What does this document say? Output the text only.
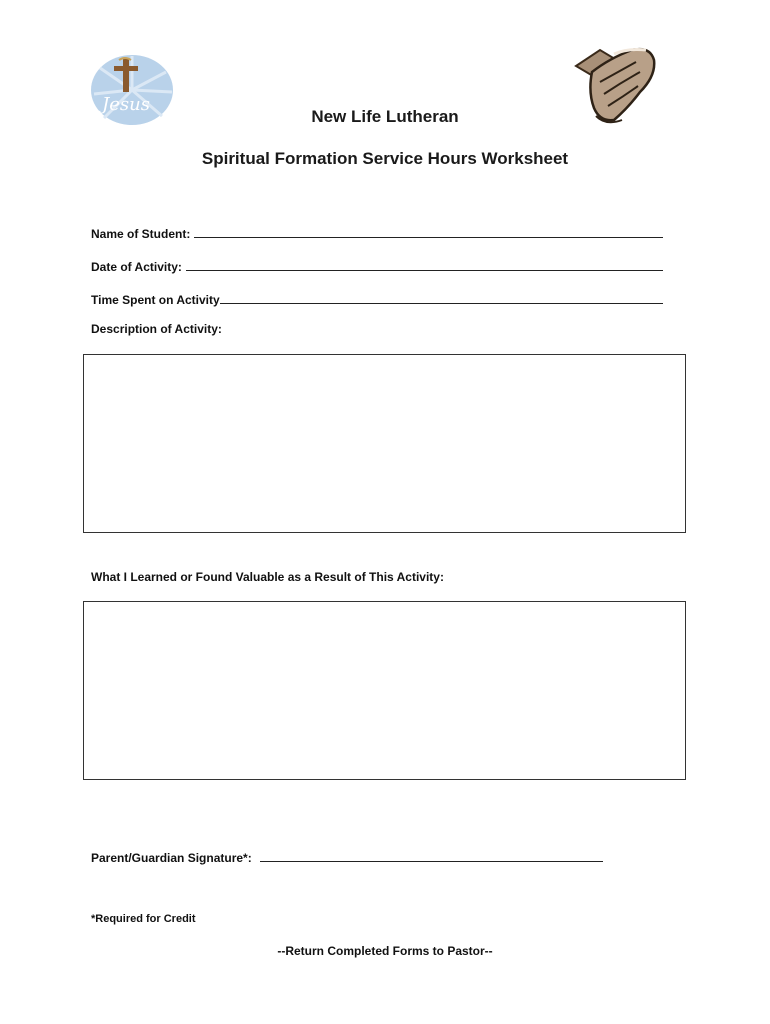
Jesus
New Life Lutheran
Spiritual Formation Service Hours Worksheet
Name of Student:
Date of Activity:
Time Spent on Activity
Description of Activity:
What I Learned or Found Valuable as a Result of This Activity:
Parent/Guardian Signature*:
*Required for Credit
--Return Completed Forms to Pastor--
